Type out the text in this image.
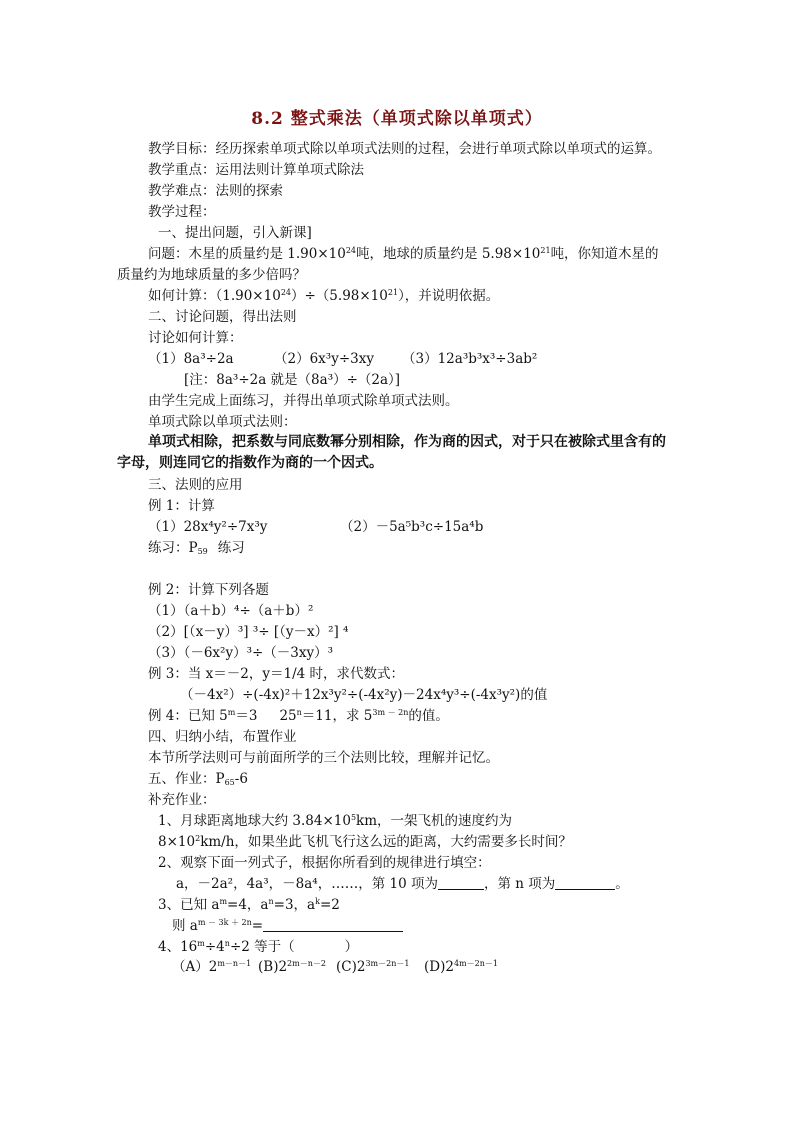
8.2 整式乘法（单项式除以单项式）
教学目标：经历探索单项式除以单项式法则的过程，会进行单项式除以单项式的运算。
教学重点：运用法则计算单项式除法
教学难点：法则的探索
教学过程：
一、提出问题，引入新课]
问题：木星的质量约是 $1.90\times 10^{24}$吨，地球的质量约是 $5.98\times 10^{21}$吨，你知道木星的
质量约为地球质量的多少倍吗？
如何计算：$(1.90\times 10^{24})\div(5.98\times 10^{21})$，并说明依据。
二、讨论问题，得出法则
讨论如何计算：
（1）8a³÷2a	（2）6x³y÷3xy （3）12a³b³x³÷3ab²
[注：8a³÷2a 就是（8a³）÷（2a）]
由学生完成上面练习，并得出单项式除单项式法则。
单项式除以单项式法则：
单项式相除，把系数与同底数幂分别相除，作为商的因式，对于只在被除式里含有的
字母，则连同它的指数作为商的一个因式。
三、法则的应用
例 1：计算
（1）28x⁴y²÷7x³y	（2）－5a⁵b³c÷15a⁴b
练习：$P_{59}$ 练习
例 2：计算下列各题
（1）（a＋b）⁴÷（a＋b）²
（2）[（x－y）³] ³÷ [（y－x）²] ⁴
（3）（－6x²y）³÷（－3xy）³
例 3：当 x＝－2，y＝1/4 时，求代数式：
（－4x²）÷(-4x)²＋12x³y²÷(-4x²y)－24x⁴y³÷(-4x³y²)的值
例 4：已知 $5^m=3$ $25^n=11$，求 $5^{3m - 2n}$的值。
四、归纳小结，布置作业
本节所学法则可与前面所学的三个法则比较，理解并记忆。
五、作业：$P_{65}-6$
补充作业：
1、月球距离地球大约 $3.84\times 10^5km$，一架飞机的速度约为
$8\times 10^2km/h$，如果坐此飞机飞行这么远的距离，大约需要多长时间？
2、观察下面一列式子，根据你所看到的规律进行填空：
a，－2a²，4a³，－8a⁴，……，第 10 项为	，第 n 项为	。
3、已知 $a^m=4$，$a^n=3$，$a^k=2$
则 $a^{m - 3k + 2n}=$
4、$16^m\div 4^n\div 2$ 等于（	）
$(A)2^{m-n-1}$ $(B)2^{2m-n-2}$ $(C)2^{3m-2n-1}$ $(D)2^{4m-2n-1}$
